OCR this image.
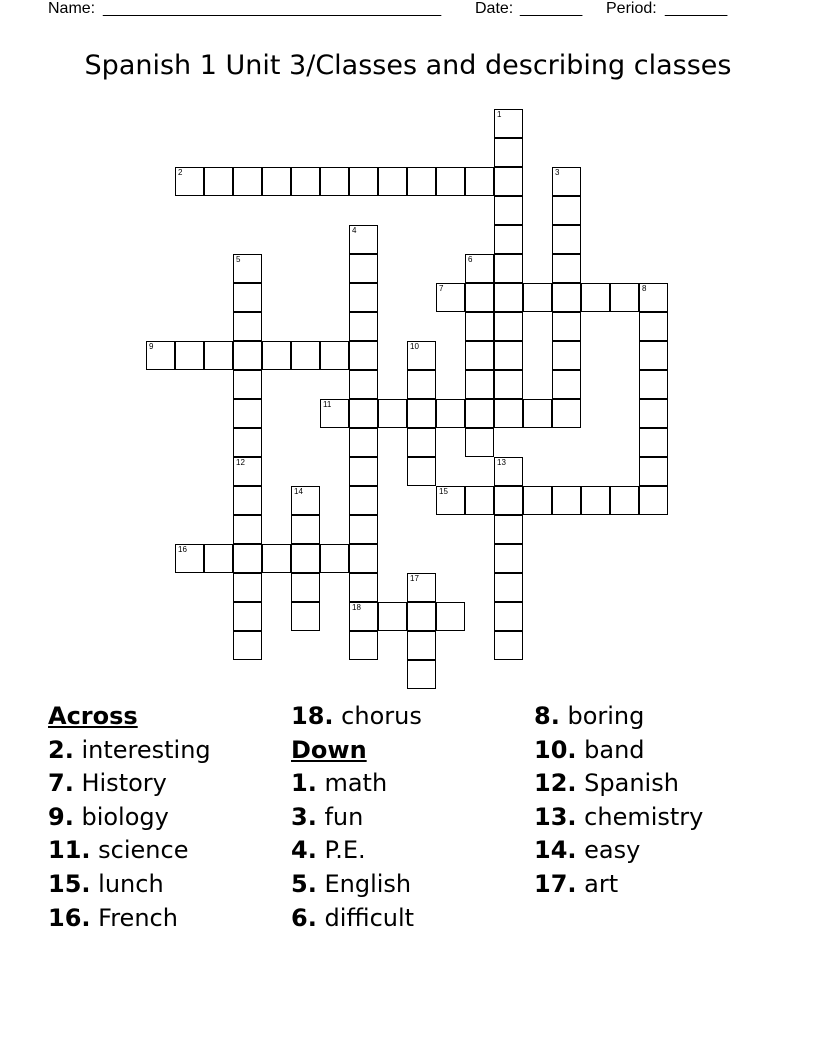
Name: ______________________________________ Date: _______ Period: _______
Spanish 1 Unit 3/Classes and describing classes
1
2	3
4
18
5	6
7	8
9	10
11
12	13
14	15
16
17
Across
2. interesting
7. History
9. biology
11. science
15. lunch
16. French
18. chorus
Down
1. math
3. fun
4. P.E.
5. English
6. difficult
8. boring
10. band
12. Spanish
13. chemistry
14. easy
17. art
